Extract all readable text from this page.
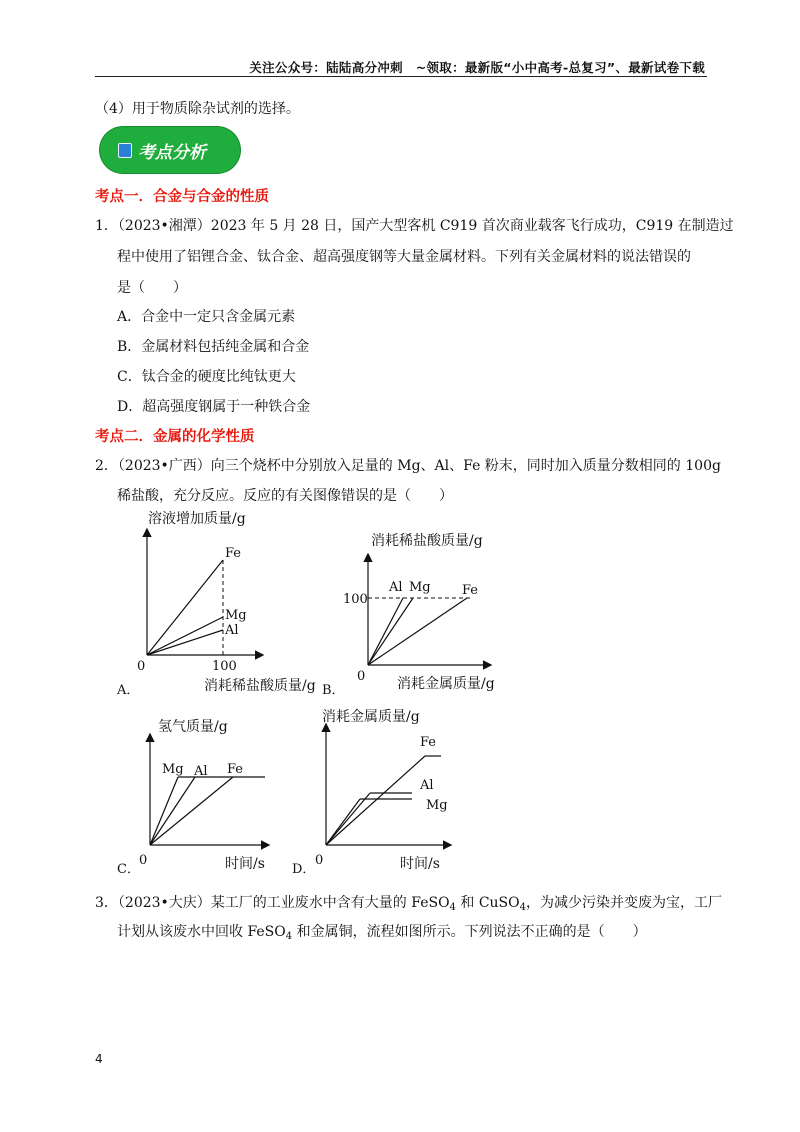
关注公众号：陆陆高分冲刺　~领取：最新版“小中高考-总复习”、最新试卷下载
（4）用于物质除杂试剂的选择。
考点分析
考点一．合金与合金的性质
1．（2023•湘潭）2023 年 5 月 28 日，国产大型客机 C919 首次商业载客飞行成功，C919 在制造过
程中使用了铝锂合金、钛合金、超高强度钢等大量金属材料。下列有关金属材料的说法错误的
是（　　）
A．合金中一定只含金属元素
B．金属材料包括纯金属和合金
C．钛合金的硬度比纯钛更大
D．超高强度钢属于一种铁合金
考点二．金属的化学性质
2．（2023•广西）向三个烧杯中分别放入足量的 Mg、Al、Fe 粉末，同时加入质量分数相同的 100g
稀盐酸，充分反应。反应的有关图像错误的是（　　）
溶液增加质量/g
消耗稀盐酸质量/g
0	100
Fe
Mg
Al
A．
消耗稀盐酸质量/g
消耗金属质量/g
0
100
Al Mg Fe
B．
氢气质量/g
时间/s
0
Mg Al Fe
C．
消耗金属质量/g
时间/s
0
Fe
Al
Mg
D．
3．（2023•大庆）某工厂的工业废水中含有大量的 FeSO$_4$ 和 CuSO$_4$，为减少污染并变废为宝，工厂
计划从该废水中回收 FeSO$_4$ 和金属铜，流程如图所示。下列说法不正确的是（　　）
4
